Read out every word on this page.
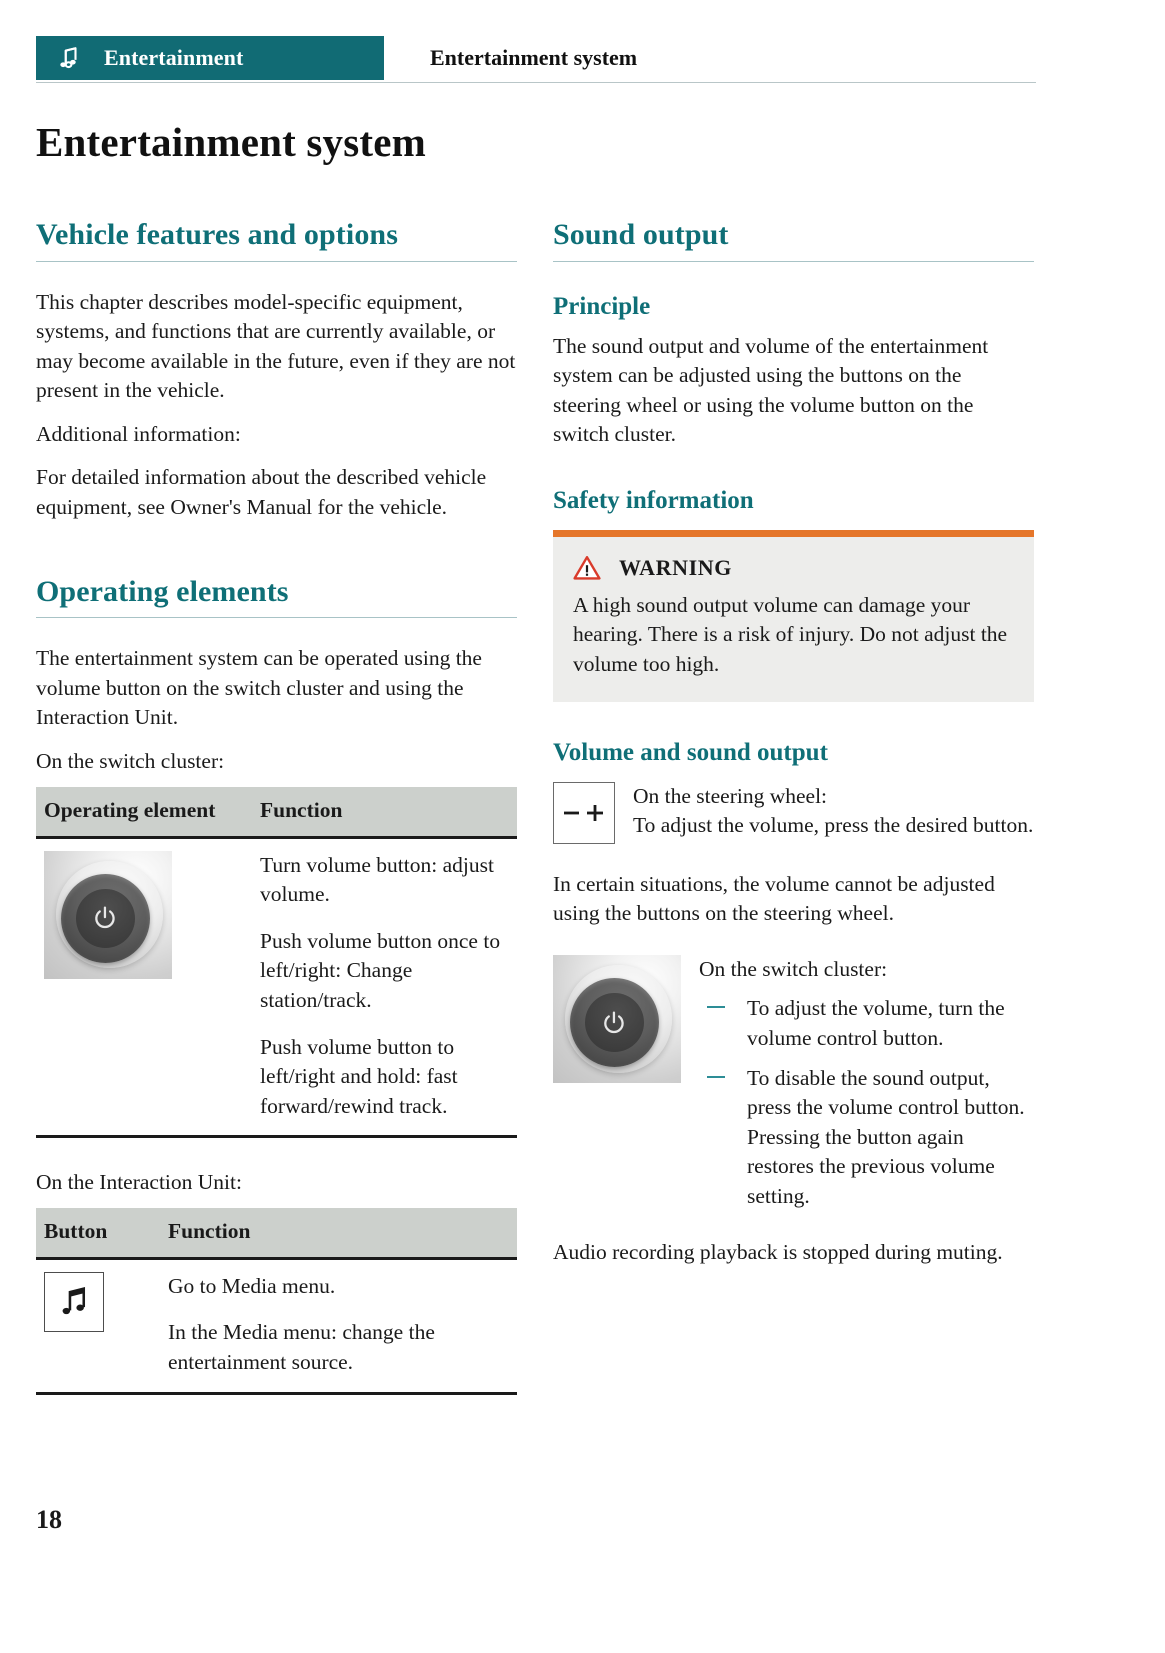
Entertainment	Entertainment system
Entertainment system
Vehicle features and options

This chapter describes model-specific equipment, systems, and functions that are currently available, or may become available in the future, even if they are not present in the vehicle.

Additional information:

For detailed information about the described vehicle equipment, see Owner's Manual for the vehicle.

Operating elements

The entertainment system can be operated using the volume button on the switch cluster and using the Interaction Unit.

On the switch cluster:

Operating element	Function

Turn volume button: adjust volume.

Push volume button once to left/right: Change station/track.

Push volume button to left/right and hold: fast forward/rewind track.

On the Interaction Unit:

Button	Function

Go to Media menu.

In the Media menu: change the entertainment source.

Sound output
Principle

The sound output and volume of the entertainment system can be adjusted using the buttons on the steering wheel or using the volume button on the switch cluster.

Safety information
WARNING

A high sound output volume can damage your hearing. There is a risk of injury. Do not adjust the volume too high.

Volume and sound output

On the steering wheel:

To adjust the volume, press the desired button.

In certain situations, the volume cannot be adjusted using the buttons on the steering wheel.

On the switch cluster:

To adjust the volume, turn the volume control button.
To disable the sound output, press the volume control button. Pressing the button again restores the previous volume setting.

Audio recording playback is stopped during muting.

18
